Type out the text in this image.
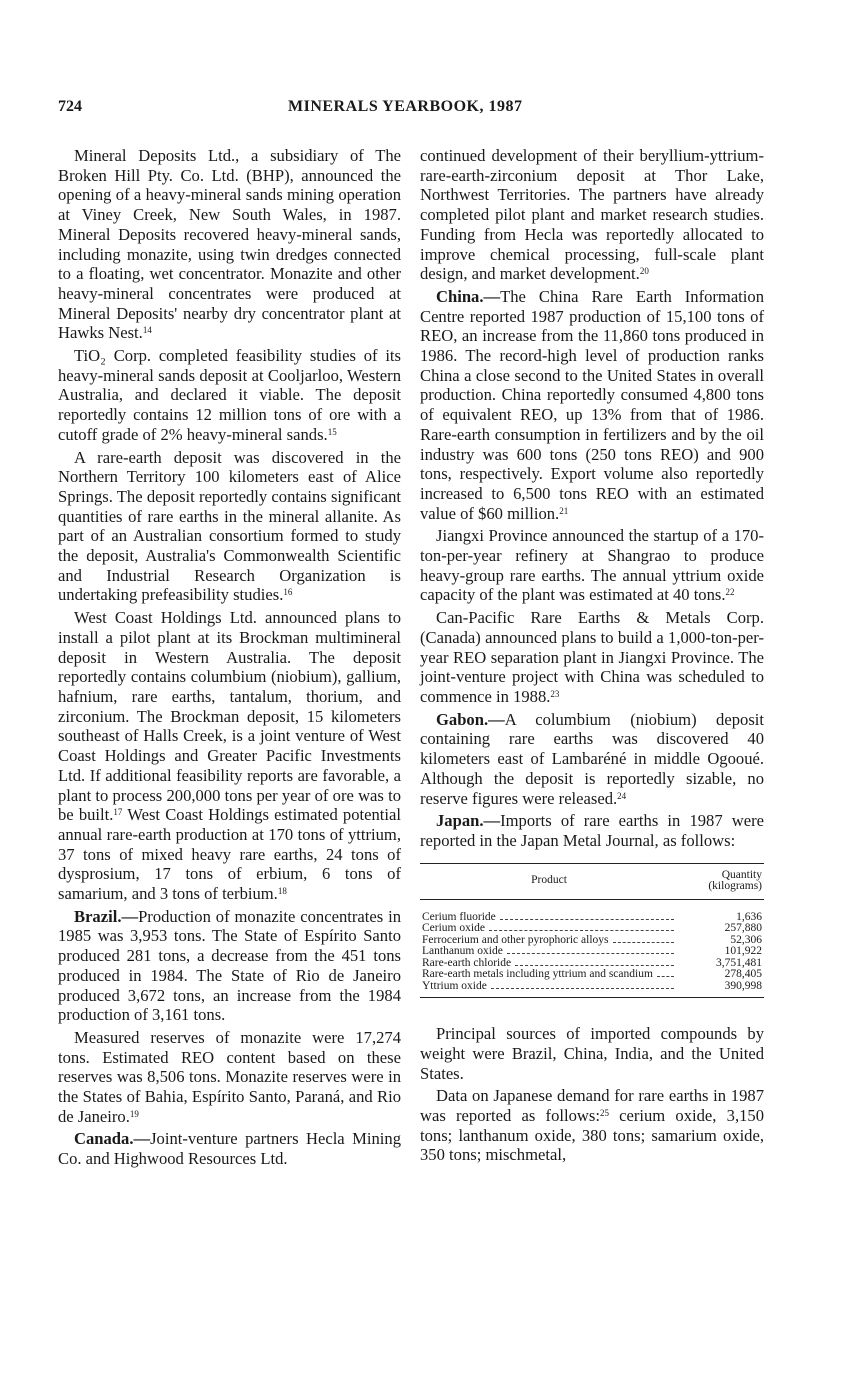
724	MINERALS YEARBOOK, 1987

Mineral Deposits Ltd., a subsidiary of The Broken Hill Pty. Co. Ltd. (BHP), announced the opening of a heavy-mineral sands mining operation at Viney Creek, New South Wales, in 1987. Mineral Deposits recovered heavy-mineral sands, including monazite, using twin dredges connected to a floating, wet concentrator. Monazite and other heavy-mineral concentrates were produced at Mineral Deposits' nearby dry concentrator plant at Hawks Nest.$^{14}$

TiO₂ Corp. completed feasibility studies of its heavy-mineral sands deposit at Cooljarloo, Western Australia, and declared it viable. The deposit reportedly contains 12 million tons of ore with a cutoff grade of 2% heavy-mineral sands.$^{15}$

A rare-earth deposit was discovered in the Northern Territory 100 kilometers east of Alice Springs. The deposit reportedly contains significant quantities of rare earths in the mineral allanite. As part of an Australian consortium formed to study the deposit, Australia's Commonwealth Scientific and Industrial Research Organization is undertaking prefeasibility studies.$^{16}$

West Coast Holdings Ltd. announced plans to install a pilot plant at its Brockman multimineral deposit in Western Australia. The deposit reportedly contains columbium (niobium), gallium, hafnium, rare earths, tantalum, thorium, and zirconium. The Brockman deposit, 15 kilometers southeast of Halls Creek, is a joint venture of West Coast Holdings and Greater Pacific Investments Ltd. If additional feasibility reports are favorable, a plant to process 200,000 tons per year of ore was to be built.$^{17}$ West Coast Holdings estimated potential annual rare-earth production at 170 tons of yttrium, 37 tons of mixed heavy rare earths, 24 tons of dysprosium, 17 tons of erbium, 6 tons of samarium, and 3 tons of terbium.$^{18}$

Brazil.—Production of monazite concentrates in 1985 was 3,953 tons. The State of Espírito Santo produced 281 tons, a decrease from the 451 tons produced in 1984. The State of Rio de Janeiro produced 3,672 tons, an increase from the 1984 production of 3,161 tons.

Measured reserves of monazite were 17,274 tons. Estimated REO content based on these reserves was 8,506 tons. Monazite reserves were in the States of Bahia, Espírito Santo, Paraná, and Rio de Janeiro.$^{19}$

Canada.—Joint-venture partners Hecla Mining Co. and Highwood Resources Ltd.

continued development of their beryllium-yttrium-rare-earth-zirconium deposit at Thor Lake, Northwest Territories. The partners have already completed pilot plant and market research studies. Funding from Hecla was reportedly allocated to improve chemical processing, full-scale plant design, and market development.$^{20}$

China.—The China Rare Earth Information Centre reported 1987 production of 15,100 tons of REO, an increase from the 11,860 tons produced in 1986. The record-high level of production ranks China a close second to the United States in overall production. China reportedly consumed 4,800 tons of equivalent REO, up 13% from that of 1986. Rare-earth consumption in fertilizers and by the oil industry was 600 tons (250 tons REO) and 900 tons, respectively. Export volume also reportedly increased to 6,500 tons REO with an estimated value of $60 million.$^{21}$

Jiangxi Province announced the startup of a 170-ton-per-year refinery at Shangrao to produce heavy-group rare earths. The annual yttrium oxide capacity of the plant was estimated at 40 tons.$^{22}$

Can-Pacific Rare Earths & Metals Corp. (Canada) announced plans to build a 1,000-ton-per-year REO separation plant in Jiangxi Province. The joint-venture project with China was scheduled to commence in 1988.23

Gabon.—A columbium (niobium) deposit containing rare earths was discovered 40 kilometers east of Lambaréné in middle Ogooué. Although the deposit is reportedly sizable, no reserve figures were released.$^{24}$

Japan.—Imports of rare earths in 1987 were reported in the Japan Metal Journal, as follows:

Product	Quantity
(kilograms)

Cerium fluoride	1,636

Cerium oxide	257,880

Ferrocerium and other pyrophoric alloys	52,306

Lanthanum oxide	101,922

Rare-earth chloride	3,751,481

Rare-earth metals including yttrium and scandium	278,405

Yttrium oxide	390,998

Principal sources of imported compounds by weight were Brazil, China, India, and the United States.

Data on Japanese demand for rare earths in 1987 was reported as follows:$^{25}$ cerium oxide, 3,150 tons; lanthanum oxide, 380 tons; samarium oxide, 350 tons; mischmetal,
